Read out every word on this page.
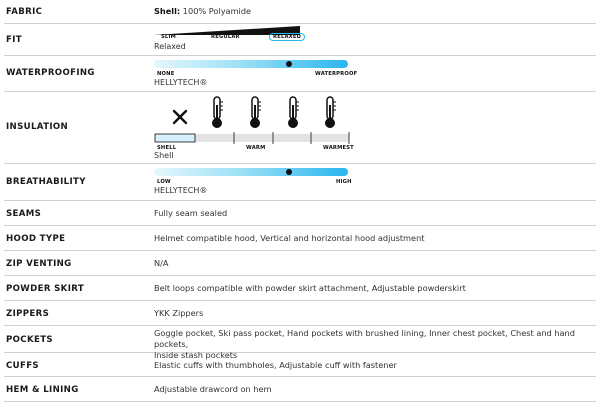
FABRIC	Shell: 100% Polyamide
FIT	SLIM	REGULAR	RELAXED
Relaxed
WATERPROOFING	NONE	WATERPROOF
HELLYTECH®
INSULATION
SHELL	WARM	WARMEST
Shell
BREATHABILITY	LOW	HIGH
HELLYTECH®
SEAMS	Fully seam sealed
HOOD TYPE	Helmet compatible hood, Vertical and horizontal hood adjustment
ZIP VENTING	N/A
POWDER SKIRT	Belt loops compatible with powder skirt attachment, Adjustable powderskirt
ZIPPERS	YKK Zippers
POCKETS
Goggle pocket, Ski pass pocket, Hand pockets with brushed lining, Inner chest pocket, Chest and hand pockets,
Inside stash pockets
CUFFS	Elastic cuffs with thumbholes, Adjustable cuff with fastener
HEM & LINING	Adjustable drawcord on hem
